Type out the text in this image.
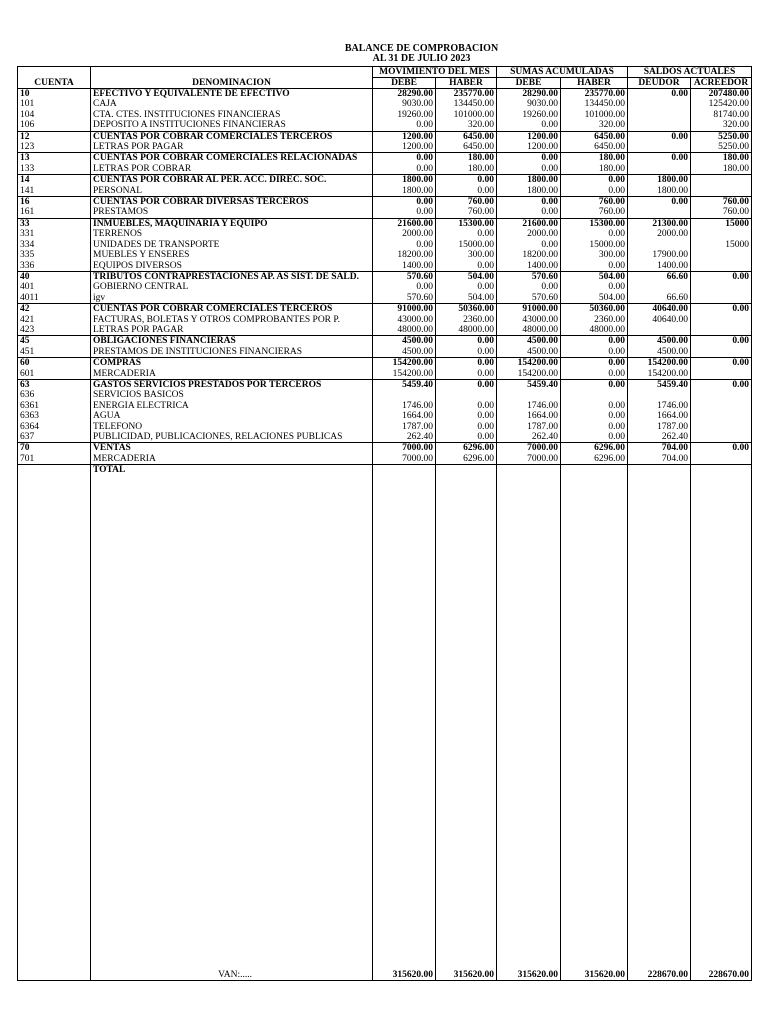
BALANCE DE COMPROBACION
AL 31 DE JULIO 2023
CUENTA	DENOMINACION	MOVIMIENTO DEL MES		SUMAS ACUMULADAS		SALDOS ACTUALES	
		DEBE	HABER	DEBE	HABER	DEUDOR	ACREEDOR
10	EFECTIVO Y EQUIVALENTE DE EFECTIVO	28290.00	235770.00	28290.00	235770.00	0.00	207480.00
101	CAJA	9030.00	134450.00	9030.00	134450.00		125420.00
104	CTA. CTES. INSTITUCIONES FINANCIERAS	19260.00	101000.00	19260.00	101000.00		81740.00
106	DEPOSITO A INSTITUCIONES FINANCIERAS	0.00	320.00	0.00	320.00		320.00
12	CUENTAS POR COBRAR COMERCIALES TERCEROS	1200.00	6450.00	1200.00	6450.00	0.00	5250.00
123	LETRAS POR PAGAR	1200.00	6450.00	1200.00	6450.00		5250.00
13	CUENTAS POR COBRAR COMERCIALES RELACIONADAS	0.00	180.00	0.00	180.00	0.00	180.00
133	LETRAS POR COBRAR	0.00	180.00	0.00	180.00		180.00
14	CUENTAS POR COBRAR AL PER. ACC. DIREC. SOC.	1800.00	0.00	1800.00	0.00	1800.00	
141	PERSONAL	1800.00	0.00	1800.00	0.00	1800.00	
16	CUENTAS POR COBRAR DIVERSAS TERCEROS	0.00	760.00	0.00	760.00	0.00	760.00
161	PRESTAMOS	0.00	760.00	0.00	760.00		760.00
33	INMUEBLES, MAQUINARIA Y EQUIPO	21600.00	15300.00	21600.00	15300.00	21300.00	15000
331	TERRENOS	2000.00	0.00	2000.00	0.00	2000.00	
334	UNIDADES DE TRANSPORTE	0.00	15000.00	0.00	15000.00		15000
335	MUEBLES Y ENSERES	18200.00	300.00	18200.00	300.00	17900.00	
336	EQUIPOS DIVERSOS	1400.00	0.00	1400.00	0.00	1400.00	
40	TRIBUTOS CONTRAPRESTACIONES AP. AS SIST. DE SALD.	570.60	504.00	570.60	504.00	66.60	0.00
401	GOBIERNO CENTRAL	0.00	0.00	0.00	0.00		
4011	igv	570.60	504.00	570.60	504.00	66.60	
42	CUENTAS POR COBRAR COMERCIALES TERCEROS	91000.00	50360.00	91000.00	50360.00	40640.00	0.00
421	FACTURAS, BOLETAS Y OTROS COMPROBANTES POR P.	43000.00	2360.00	43000.00	2360.00	40640.00	
423	LETRAS POR PAGAR	48000.00	48000.00	48000.00	48000.00		
45	OBLIGACIONES FINANCIERAS	4500.00	0.00	4500.00	0.00	4500.00	0.00
451	PRESTAMOS DE INSTITUCIONES FINANCIERAS	4500.00	0.00	4500.00	0.00	4500.00	
60	COMPRAS	154200.00	0.00	154200.00	0.00	154200.00	0.00
601	MERCADERIA	154200.00	0.00	154200.00	0.00	154200.00	
63	GASTOS SERVICIOS PRESTADOS POR TERCEROS	5459.40	0.00	5459.40	0.00	5459.40	0.00
636	SERVICIOS BASICOS						
6361	ENERGIA ELECTRICA	1746.00	0.00	1746.00	0.00	1746.00	
6363	AGUA	1664.00	0.00	1664.00	0.00	1664.00	
6364	TELEFONO	1787.00	0.00	1787.00	0.00	1787.00	
637	PUBLICIDAD, PUBLICACIONES, RELACIONES PUBLICAS	262.40	0.00	262.40	0.00	262.40	
70	VENTAS	7000.00	6296.00	7000.00	6296.00	704.00	0.00
701	MERCADERIA	7000.00	6296.00	7000.00	6296.00	704.00	
	TOTAL						

	VAN:.....	315620.00	315620.00	315620.00	315620.00	228670.00	228670.00
